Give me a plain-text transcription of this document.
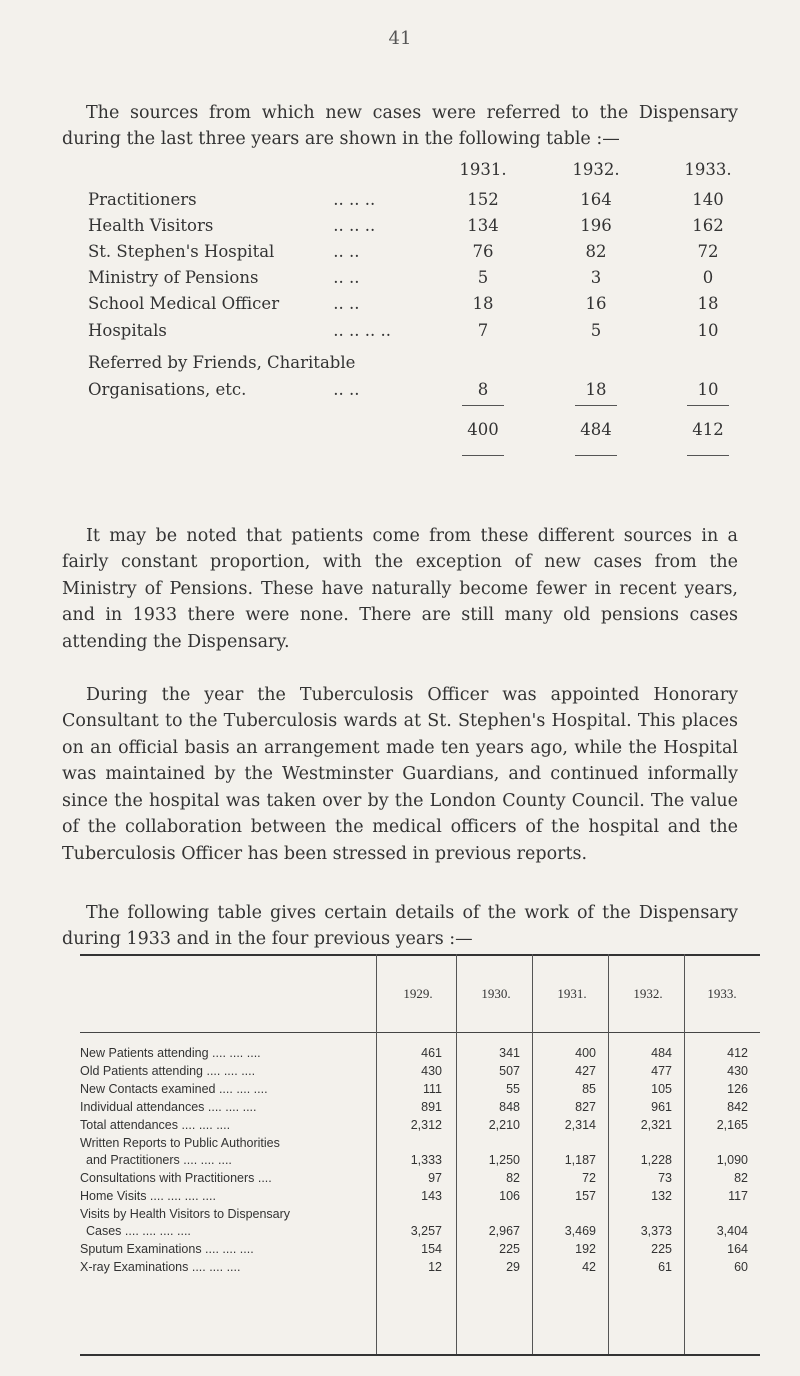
41

The sources from which new cases were referred to the Dispensary during the last three years are shown in the following table :—

1931.	1932.	1933.
Practitioners	.. .. ..	152	164	140
Health Visitors	.. .. ..	134	196	162
St. Stephen's Hospital	.. ..	76	82	72
Ministry of Pensions	.. ..	5	3	0
School Medical Officer	.. ..	18	16	18
Hospitals	.. .. .. ..	7	5	10
Referred by Friends, Charitable
Organisations, etc.	.. ..	8	18	10
400	484	412

It may be noted that patients come from these different sources in a fairly constant proportion, with the exception of new cases from the Ministry of Pensions. These have naturally become fewer in recent years, and in 1933 there were none. There are still many old pensions cases attending the Dispensary.

During the year the Tuberculosis Officer was appointed Honorary Consultant to the Tuberculosis wards at St. Stephen's Hospital. This places on an official basis an arrangement made ten years ago, while the Hospital was maintained by the Westminster Guardians, and continued informally since the hospital was taken over by the London County Council. The value of the collaboration between the medical officers of the hospital and the Tuberculosis Officer has been stressed in previous reports.

The following table gives certain details of the work of the Dispensary during 1933 and in the four previous years :—

1929.	1930.	1931.	1932.	1933.
New Patients attending .... .... ....	461	341	400	484	412
Old Patients attending .... .... ....	430	507	427	477	430
New Contacts examined .... .... ....	111	55	85	105	126
Individual attendances .... .... ....	891	848	827	961	842
Total attendances .... .... ....	2,312	2,210	2,314	2,321	2,165
Written Reports to Public Authorities
and Practitioners .... .... ....	1,333	1,250	1,187	1,228	1,090
Consultations with Practitioners ....	97	82	72	73	82
Home Visits .... .... .... ....	143	106	157	132	117
Visits by Health Visitors to Dispensary
Cases .... .... .... ....	3,257	2,967	3,469	3,373	3,404
Sputum Examinations .... .... ....	154	225	192	225	164
X-ray Examinations .... .... ....	12	29	42	61	60
